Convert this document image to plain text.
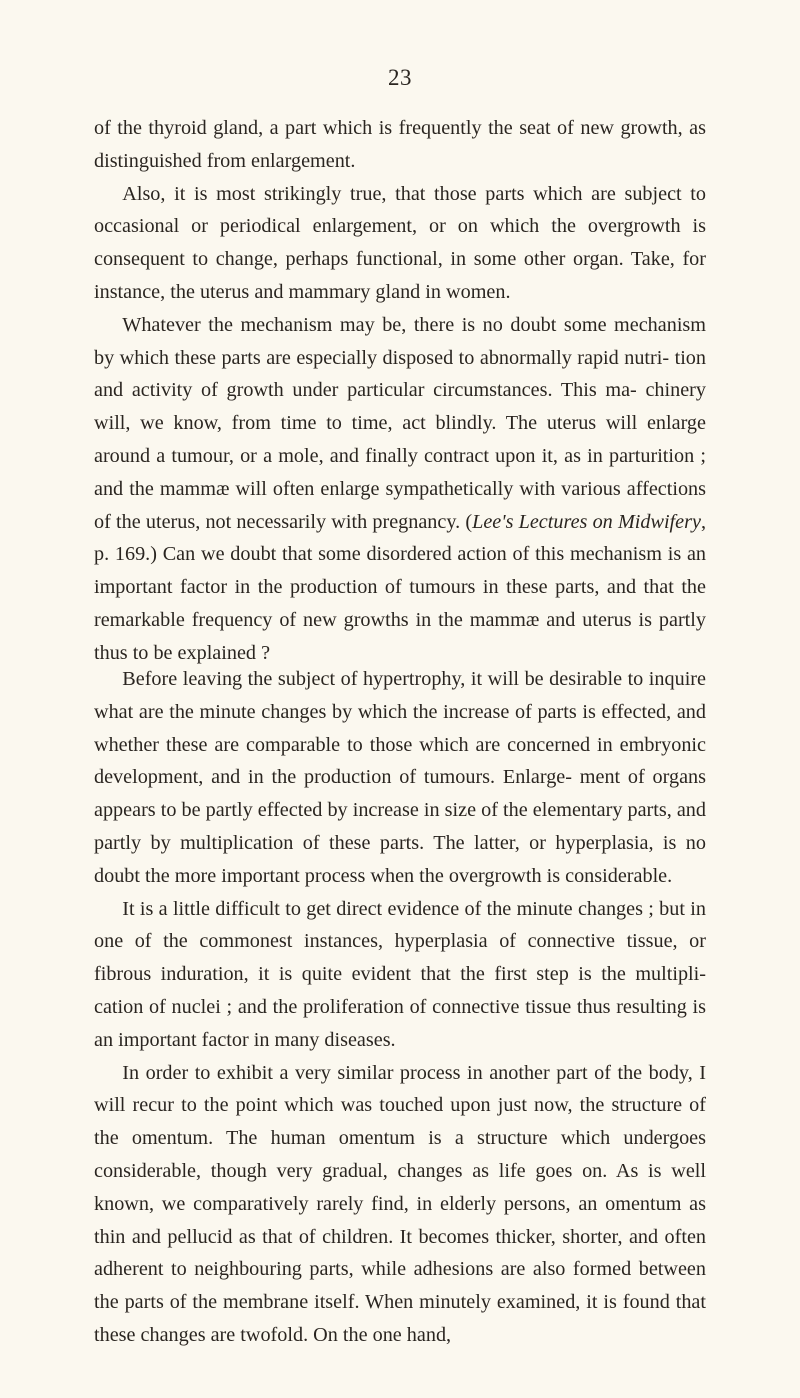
23

of the thyroid gland, a part which is frequently the seat of new growth, as distinguished from enlargement.

Also, it is most strikingly true, that those parts which are subject to occasional or periodical enlargement, or on which the overgrowth is consequent to change, perhaps functional, in some other organ. Take, for instance, the uterus and mammary gland in women.

Whatever the mechanism may be, there is no doubt some mechanism by which these parts are especially disposed to abnormally rapid nutri- tion and activity of growth under particular circumstances. This ma- chinery will, we know, from time to time, act blindly. The uterus will enlarge around a tumour, or a mole, and finally contract upon it, as in parturition ; and the mammæ will often enlarge sympathetically with various affections of the uterus, not necessarily with pregnancy. (Lee's Lectures on Midwifery, p. 169.) Can we doubt that some disordered action of this mechanism is an important factor in the production of tumours in these parts, and that the remarkable frequency of new growths in the mammæ and uterus is partly thus to be explained ?

Before leaving the subject of hypertrophy, it will be desirable to inquire what are the minute changes by which the increase of parts is effected, and whether these are comparable to those which are concerned in embryonic development, and in the production of tumours. Enlarge- ment of organs appears to be partly effected by increase in size of the elementary parts, and partly by multiplication of these parts. The latter, or hyperplasia, is no doubt the more important process when the overgrowth is considerable.

It is a little difficult to get direct evidence of the minute changes ; but in one of the commonest instances, hyperplasia of connective tissue, or fibrous induration, it is quite evident that the first step is the multipli- cation of nuclei ; and the proliferation of connective tissue thus resulting is an important factor in many diseases.

In order to exhibit a very similar process in another part of the body, I will recur to the point which was touched upon just now, the structure of the omentum. The human omentum is a structure which undergoes considerable, though very gradual, changes as life goes on. As is well known, we comparatively rarely find, in elderly persons, an omentum as thin and pellucid as that of children. It becomes thicker, shorter, and often adherent to neighbouring parts, while adhesions are also formed between the parts of the membrane itself. When minutely examined, it is found that these changes are twofold. On the one hand,
